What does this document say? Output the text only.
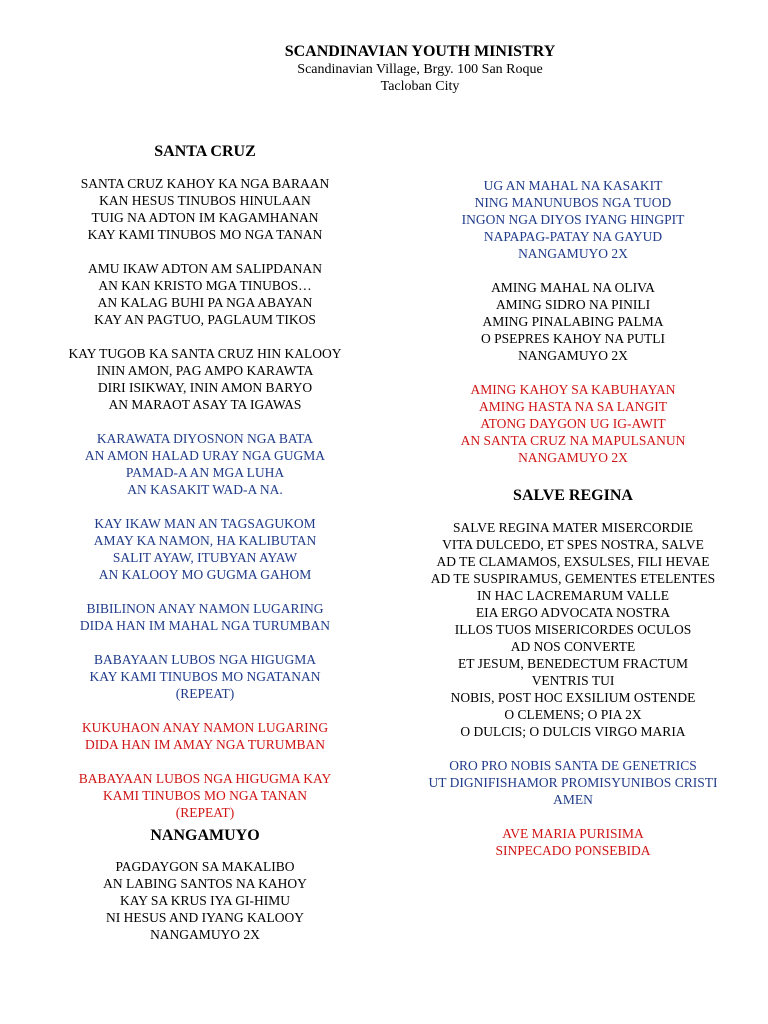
SCANDINAVIAN YOUTH MINISTRY
Scandinavian Village, Brgy. 100 San Roque
Tacloban City
SANTA CRUZ
SANTA CRUZ KAHOY KA NGA BARAAN
KAN HESUS TINUBOS HINULAAN
TUIG NA ADTON IM KAGAMHANAN
KAY KAMI TINUBOS MO NGA TANAN
AMU IKAW ADTON AM SALIPDANAN
AN KAN KRISTO MGA TINUBOS…
AN KALAG BUHI PA NGA ABAYAN
KAY AN PAGTUO, PAGLAUM TIKOS
KAY TUGOB KA SANTA CRUZ HIN KALOOY
ININ AMON, PAG AMPO KARAWTA
DIRI ISIKWAY, ININ AMON BARYO
AN MARAOT ASAY TA IGAWAS
KARAWATA DIYOSNON NGA BATA
AN AMON HALAD URAY NGA GUGMA
PAMAD-A AN MGA LUHA
AN KASAKIT WAD-A NA.
KAY IKAW MAN AN TAGSAGUKOM
AMAY KA NAMON, HA KALIBUTAN
SALIT AYAW, ITUBYAN AYAW
AN KALOOY MO GUGMA GAHOM
BIBILINON ANAY NAMON LUGARING
DIDA HAN IM MAHAL NGA TURUMBAN
BABAYAAN LUBOS NGA HIGUGMA
KAY KAMI TINUBOS MO NGATANAN
(REPEAT)
KUKUHAON ANAY NAMON LUGARING
DIDA HAN IM AMAY NGA TURUMBAN
BABAYAAN LUBOS NGA HIGUGMA KAY
KAMI TINUBOS MO NGA TANAN
(REPEAT)
NANGAMUYO
PAGDAYGON SA MAKALIBO
AN LABING SANTOS NA KAHOY
KAY SA KRUS IYA GI-HIMU
NI HESUS AND IYANG KALOOY
NANGAMUYO 2X
UG AN MAHAL NA KASAKIT
NING MANUNUBOS NGA TUOD
INGON NGA DIYOS IYANG HINGPIT
NAPAPAG-PATAY NA GAYUD
NANGAMUYO 2X
AMING MAHAL NA OLIVA
AMING SIDRO NA PINILI
AMING PINALABING PALMA
O PSEPRES KAHOY NA PUTLI
NANGAMUYO 2X
AMING KAHOY SA KABUHAYAN
AMING HASTA NA SA LANGIT
ATONG DAYGON UG IG-AWIT
AN SANTA CRUZ NA MAPULSANUN
NANGAMUYO 2X
SALVE REGINA
SALVE REGINA MATER MISERCORDIE
VITA DULCEDO, ET SPES NOSTRA, SALVE
AD TE CLAMAMOS, EXSULSES, FILI HEVAE
AD TE SUSPIRAMUS, GEMENTES ETELENTES
IN HAC LACREMARUM VALLE
EIA ERGO ADVOCATA NOSTRA
ILLOS TUOS MISERICORDES OCULOS
AD NOS CONVERTE
ET JESUM, BENEDECTUM FRACTUM
VENTRIS TUI
NOBIS, POST HOC EXSILIUM OSTENDE
O CLEMENS; O PIA 2X
O DULCIS; O DULCIS VIRGO MARIA
ORO PRO NOBIS SANTA DE GENETRICS
UT DIGNIFISHAMOR PROMISYUNIBOS CRISTI
AMEN
AVE MARIA PURISIMA
SINPECADO PONSEBIDA
